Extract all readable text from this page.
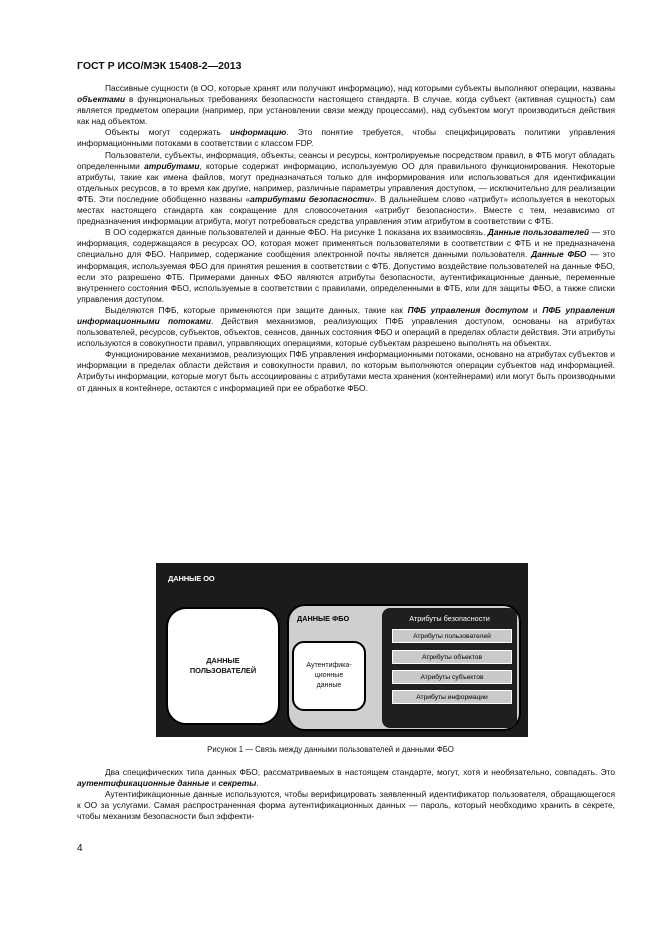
ГОСТ Р ИСО/МЭК 15408-2—2013

Пассивные сущности (в ОО, которые хранят или получают информацию), над которыми субъекты выполняют операции, названы объектами в функциональных требованиях безопасности настоящего стандарта. В случае, когда субъект (активная сущность) сам является предметом операции (например, при установлении связи между процессами), над субъектом могут производиться действия как над объектом.

Объекты могут содержать информацию. Это понятие требуется, чтобы специфицировать политики управления информационными потоками в соответствии с классом FDP.

Пользователи, субъекты, информация, объекты, сеансы и ресурсы, контролируемые посредством правил, в ФТБ могут обладать определенными атрибутами, которые содержат информацию, используемую ОО для правильного функционирования. Некоторые атрибуты, такие как имена файлов, могут предназначаться только для информирования или использоваться для идентификации отдельных ресурсов, в то время как другие, например, различные параметры управления доступом, — исключительно для реализации ФТБ. Эти последние обобщенно названы «атрибутами безопасности». В дальнейшем слово «атрибут» используется в некоторых местах настоящего стандарта как сокращение для словосочетания «атрибут безопасности». Вместе с тем, независимо от предназначения информации атрибута, могут потребоваться средства управления этим атрибутом в соответствии с ФТБ.

В ОО содержатся данные пользователей и данные ФБО. На рисунке 1 показана их взаимосвязь. Данные пользователей — это информация, содержащаяся в ресурсах ОО, которая может применяться пользователями в соответствии с ФТБ и не предназначена специально для ФБО. Например, содержание сообщения электронной почты является данными пользователя. Данные ФБО — это информация, используемая ФБО для принятия решения в соответствии с ФТБ. Допустимо воздействие пользователей на данные ФБО, если это разрешено ФТБ. Примерами данных ФБО являются атрибуты безопасности, аутентификационные данные, переменные внутреннего состояния ФБО, используемые в соответствии с правилами, определенными в ФТБ, или для защиты ФБО, а также списки управления доступом.

Выделяются ПФБ, которые применяются при защите данных, такие как ПФБ управления доступом и ПФБ управления информационными потоками. Действия механизмов, реализующих ПФБ управления доступом, основаны на атрибутах пользователей, ресурсов, субъектов, объектов, сеансов, данных состояния ФБО и операций в пределах области действия. Эти атрибуты используются в совокупности правил, управляющих операциями, которые субъектам разрешено выполнять на объектах.

Функционирование механизмов, реализующих ПФБ управления информационными потоками, основано на атрибутах субъектов и информации в пределах области действия и совокупности правил, по которым выполняются операции субъектов над информацией. Атрибуты информации, которые могут быть ассоциированы с атрибутами места хранения (контейнерами) или могут быть производными от данных в контейнере, остаются с информацией при ее обработке ФБО.

ДАННЫЕ ОО
ДАННЫЕ
ПОЛЬЗОВАТЕЛЕЙ
ДАННЫЕ ФБО
Аутентифика-
ционные
данные
Атрибуты безопасности
Атрибуты пользователей
Атрибуты объектов
Атрибуты субъектов
Атрибуты информации
Рисунок 1 — Связь между данными пользователей и данными ФБО

Два специфических типа данных ФБО, рассматриваемых в настоящем стандарте, могут, хотя и необязательно, совпадать. Это аутентификационные данные и секреты.

Аутентификационные данные используются, чтобы верифицировать заявленный идентификатор пользователя, обращающегося к ОО за услугами. Самая распространенная форма аутентификационных данных — пароль, который необходимо хранить в секрете, чтобы механизм безопасности был эффекти-

4
